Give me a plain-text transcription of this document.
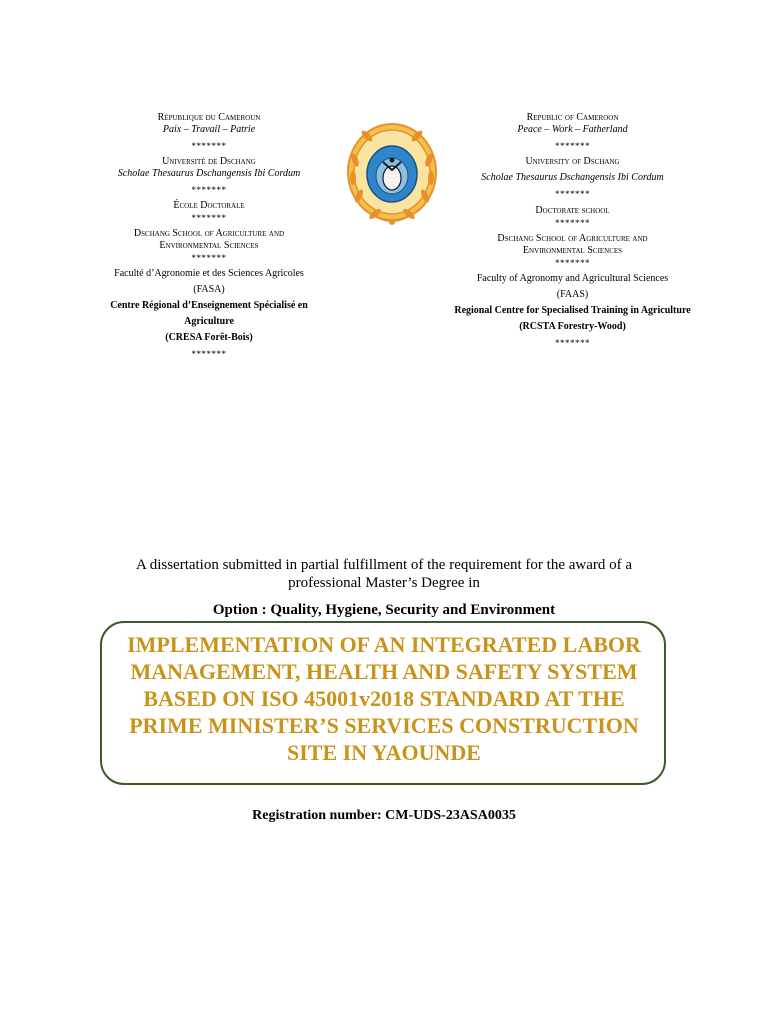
République du Cameroun
Paix – Travail – Patrie
*******
Université de Dschang
Scholae Thesaurus Dschangensis Ibi Cordum
*******
École Doctorale
*******
Dschang School of Agriculture and
Environmental Sciences
*******
Faculté d’Agronomie et des Sciences Agricoles
(FASA)
Centre Régional d’Enseignement Spécialisé en
Agriculture
(CRESA Forêt-Bois)
*******
Republic of Cameroon
Peace – Work – Fatherland
*******
University of Dschang
Scholae Thesaurus Dschangensis Ibi Cordum
*******
Doctorate school
*******
Dschang School of Agriculture and
Environmental Sciences
*******
Faculty of Agronomy and Agricultural Sciences
(FAAS)
Regional Centre for Specialised Training in Agriculture
(RCSTA Forestry-Wood)
*******
A dissertation submitted in partial fulfillment of the requirement for the award of a professional Master’s Degree in
Option : Quality, Hygiene, Security and Environment
IMPLEMENTATION OF AN INTEGRATED LABOR MANAGEMENT, HEALTH AND SAFETY SYSTEM BASED ON ISO 45001v2018 STANDARD AT THE PRIME MINISTER’S SERVICES CONSTRUCTION SITE IN YAOUNDE
Registration number: CM-UDS-23ASA0035
